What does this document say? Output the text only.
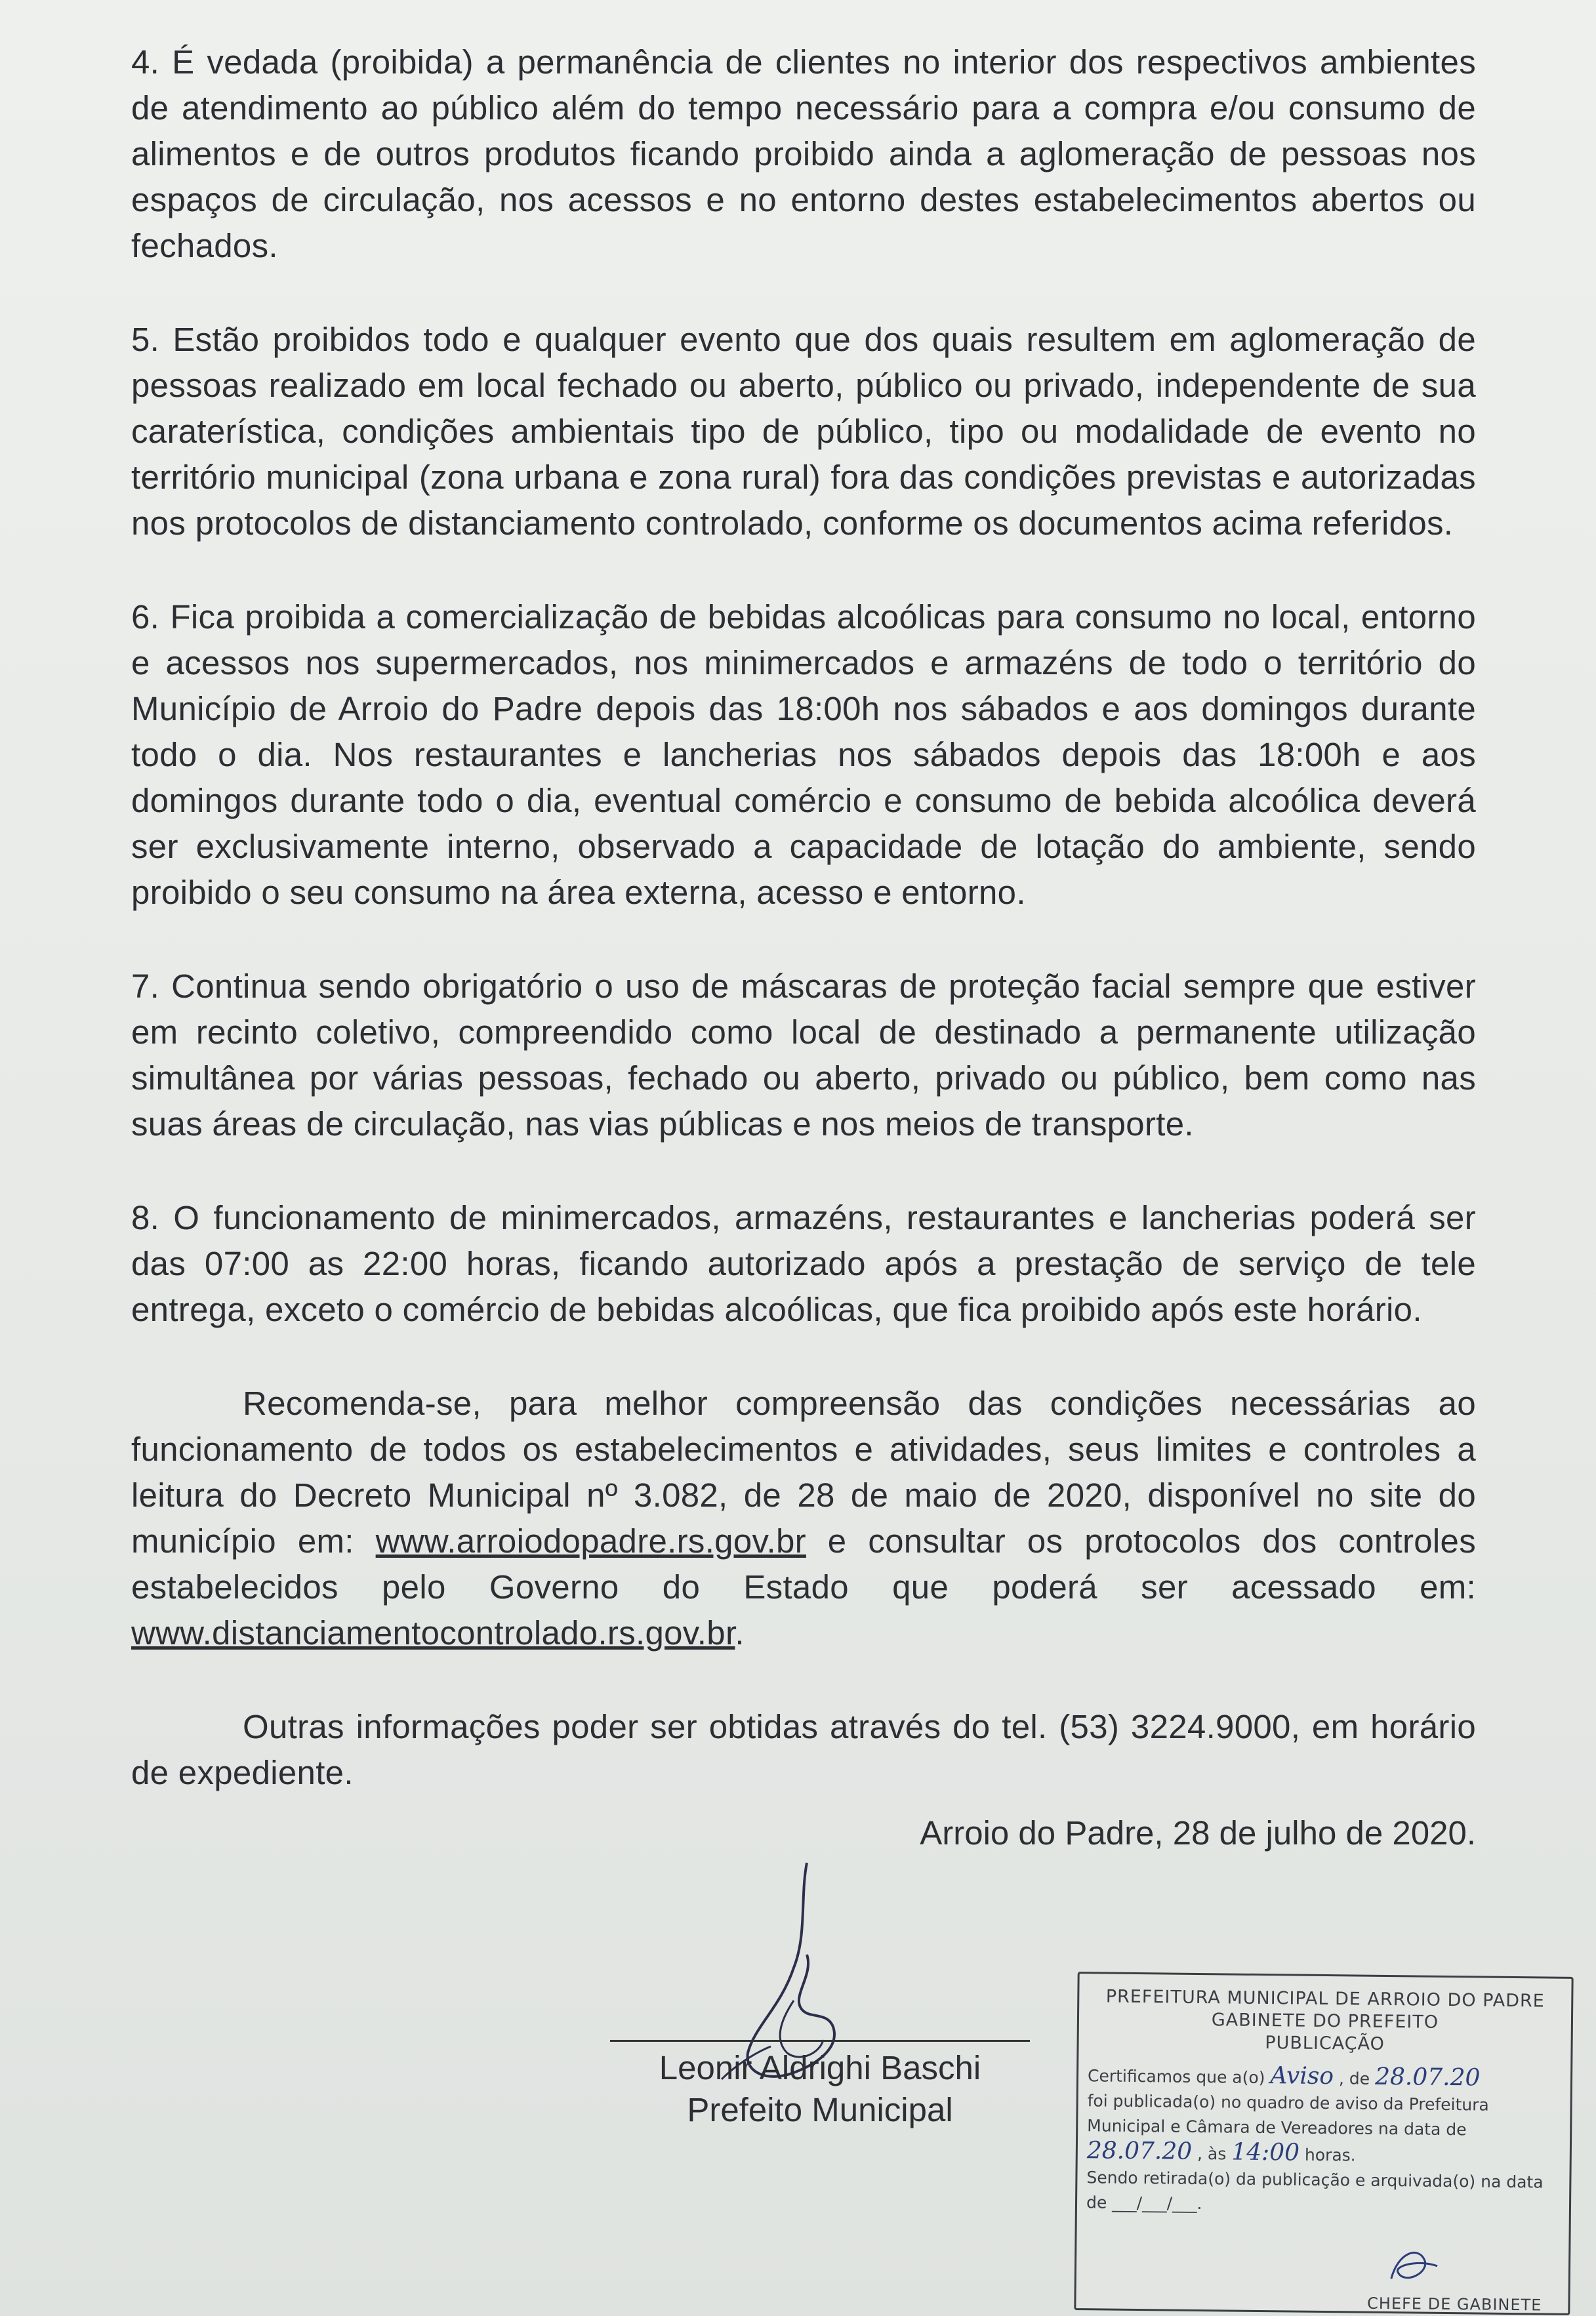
4. É vedada (proibida) a permanência de clientes no interior dos respectivos ambientes de atendimento ao público além do tempo necessário para a compra e/ou consumo de alimentos e de outros produtos ficando proibido ainda a aglomeração de pessoas nos espaços de circulação, nos acessos e no entorno destes estabelecimentos abertos ou fechados.

5. Estão proibidos todo e qualquer evento que dos quais resultem em aglomeração de pessoas realizado em local fechado ou aberto, público ou privado, independente de sua caraterística, condições ambientais tipo de público, tipo ou modalidade de evento no território municipal (zona urbana e zona rural) fora das condições previstas e autorizadas nos protocolos de distanciamento controlado, conforme os documentos acima referidos.

6. Fica proibida a comercialização de bebidas alcoólicas para consumo no local, entorno e acessos nos supermercados, nos minimercados e armazéns de todo o território do Município de Arroio do Padre depois das 18:00h nos sábados e aos domingos durante todo o dia. Nos restaurantes e lancherias nos sábados depois das 18:00h e aos domingos durante todo o dia, eventual comércio e consumo de bebida alcoólica deverá ser exclusivamente interno, observado a capacidade de lotação do ambiente, sendo proibido o seu consumo na área externa, acesso e entorno.

7. Continua sendo obrigatório o uso de máscaras de proteção facial sempre que estiver em recinto coletivo, compreendido como local de destinado a permanente utilização simultânea por várias pessoas, fechado ou aberto, privado ou público, bem como nas suas áreas de circulação, nas vias públicas e nos meios de transporte.

8. O funcionamento de minimercados, armazéns, restaurantes e lancherias poderá ser das 07:00 as 22:00 horas, ficando autorizado após a prestação de serviço de tele entrega, exceto o comércio de bebidas alcoólicas, que fica proibido após este horário.

Recomenda-se, para melhor compreensão das condições necessárias ao funcionamento de todos os estabelecimentos e atividades, seus limites e controles a leitura do Decreto Municipal nº 3.082, de 28 de maio de 2020, disponível no site do município em: www.arroiodopadre.rs.gov.br e consultar os protocolos dos controles estabelecidos pelo Governo do Estado que poderá ser acessado em: www.distanciamentocontrolado.rs.gov.br.

Outras informações poder ser obtidas através do tel. (53) 3224.9000, em horário de expediente.

Arroio do Padre, 28 de julho de 2020.
Leonir Aldrighi Baschi
Prefeito Municipal
PREFEITURA MUNICIPAL DE ARROIO DO PADRE
GABINETE DO PREFEITO
PUBLICAÇÃO
Certificamos que a(o) Aviso , de 28.07.20
foi publicada(o) no quadro de aviso da Prefeitura Municipal e Câmara de Vereadores na data de
28.07.20 , às 14:00 horas.
Sendo retirada(o) da publicação e arquivada(o) na data de ___/___/___.
CHEFE DE GABINETE
